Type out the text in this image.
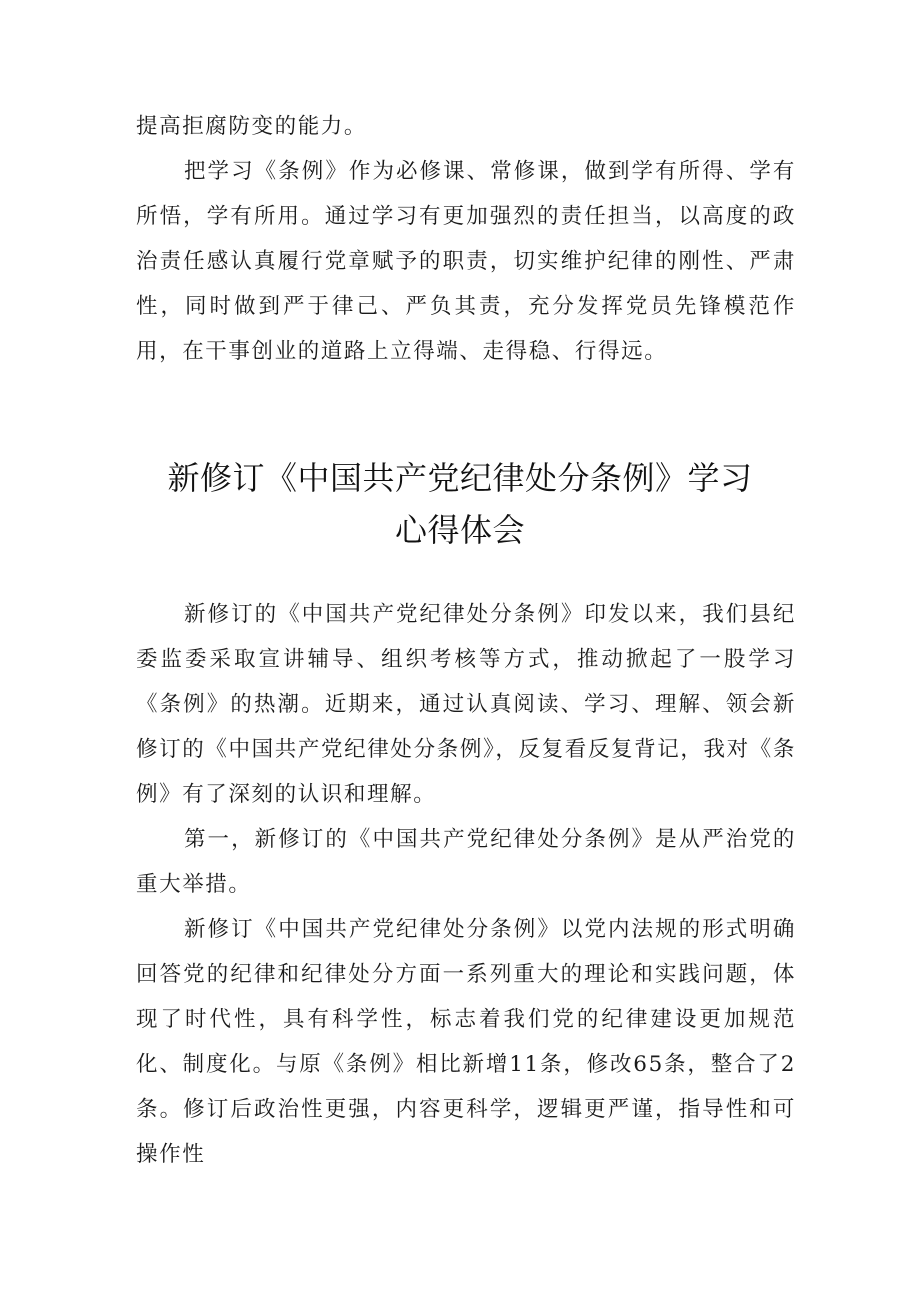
提高拒腐防变的能力。

把学习《条例》作为必修课、常修课，做到学有所得、学有所悟，学有所用。通过学习有更加强烈的责任担当，以高度的政治责任感认真履行党章赋予的职责，切实维护纪律的刚性、严肃性，同时做到严于律己、严负其责，充分发挥党员先锋模范作用，在干事创业的道路上立得端、走得稳、行得远。

新修订《中国共产党纪律处分条例》学习
心得体会

新修订的《中国共产党纪律处分条例》印发以来，我们县纪委监委采取宣讲辅导、组织考核等方式，推动掀起了一股学习《条例》的热潮。近期来，通过认真阅读、学习、理解、领会新修订的《中国共产党纪律处分条例》，反复看反复背记，我对《条例》有了深刻的认识和理解。

第一，新修订的《中国共产党纪律处分条例》是从严治党的重大举措。

新修订《中国共产党纪律处分条例》以党内法规的形式明确回答党的纪律和纪律处分方面一系列重大的理论和实践问题，体现了时代性，具有科学性，标志着我们党的纪律建设更加规范化、制度化。与原《条例》相比新增11条，修改65条，整合了2条。修订后政治性更强，内容更科学，逻辑更严谨，指导性和可操作性
